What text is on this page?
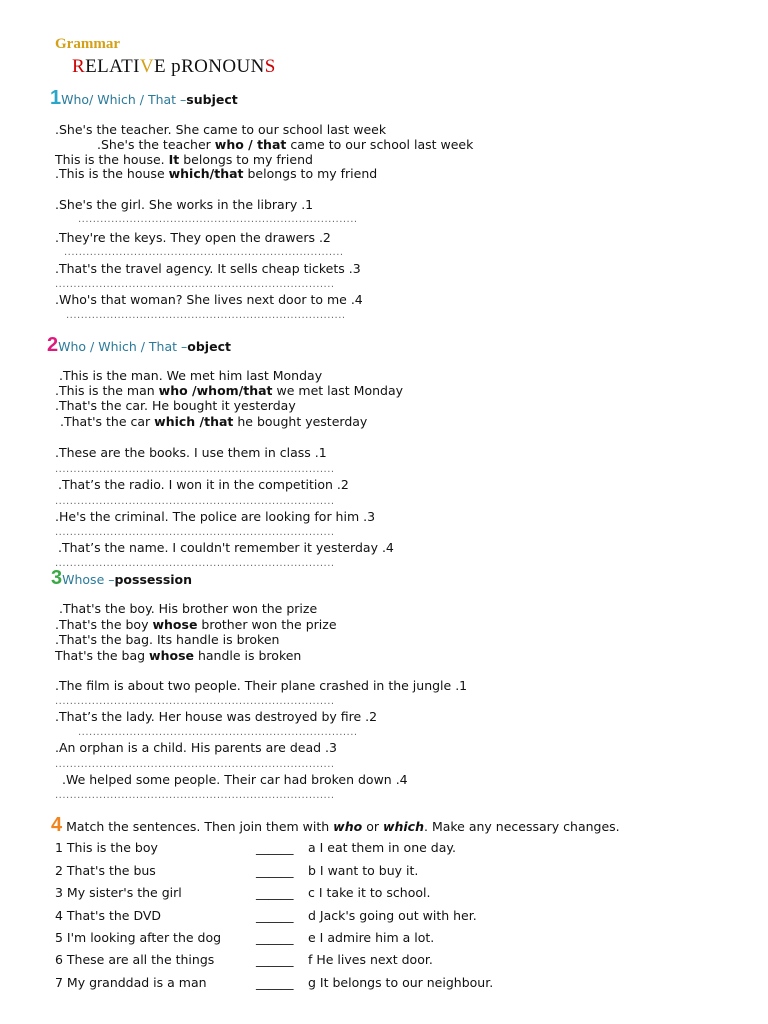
Grammar
RELATIVE pRONOUNS
1Who/ Which / That –subject
.She's the teacher. She came to our school last week
.She's the teacher who / that came to our school last week
This is the house. It belongs to my friend
.This is the house which/that belongs to my friend
.She's the girl. She works in the library .1
............................................................................
.They're the keys. They open the drawers .2
............................................................................
.That's the travel agency. It sells cheap tickets .3
............................................................................
.Who's that woman? She lives next door to me .4
............................................................................
2Who / Which / That –object
.This is the man. We met him last Monday
.This is the man who /whom/that we met last Monday
.That's the car. He bought it yesterday
.That's the car which /that he bought yesterday
.These are the books. I use them in class .1
............................................................................
.That’s the radio. I won it in the competition .2
............................................................................
.He's the criminal. The police are looking for him .3
............................................................................
.That’s the name. I couldn't remember it yesterday .4
............................................................................
3Whose –possession
.That's the boy. His brother won the prize
.That's the boy whose brother won the prize
.That's the bag. Its handle is broken
That's the bag whose handle is broken
.The film is about two people. Their plane crashed in the jungle .1
............................................................................
.That’s the lady. Her house was destroyed by fire .2
............................................................................
.An orphan is a child. His parents are dead .3
............................................................................
.We helped some people. Their car had broken down .4
............................................................................
4 Match the sentences. Then join them with who or which. Make any necessary changes.
1 This is the boy	______ a I eat them in one day.
2 That's the bus	______ b I want to buy it.
3 My sister's the girl	______ c I take it to school.
4 That's the DVD	______ d Jack's going out with her.
5 I'm looking after the dog	______ e I admire him a lot.
6 These are all the things	______ f He lives next door.
7 My granddad is a man	______ g It belongs to our neighbour.
